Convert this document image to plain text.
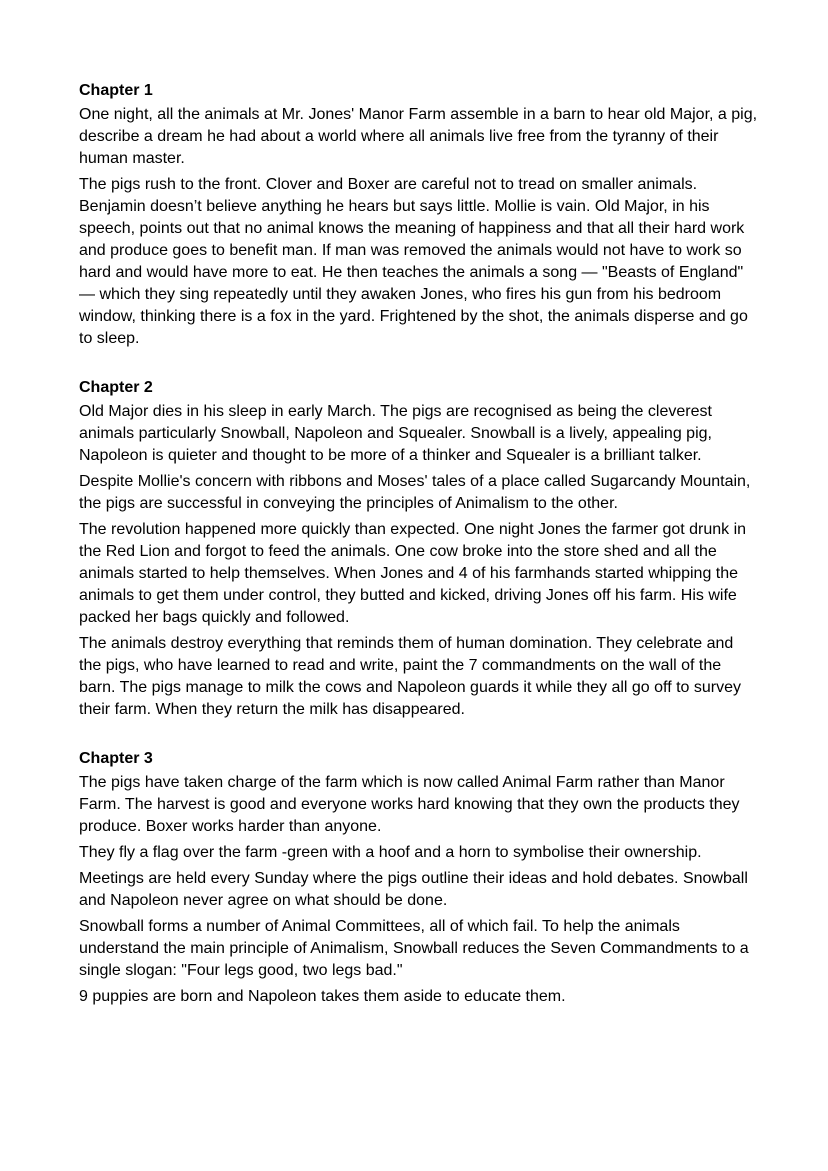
Chapter 1

One night, all the animals at Mr. Jones' Manor Farm assemble in a barn to hear old Major, a pig, describe a dream he had about a world where all animals live free from the tyranny of their human master.

The pigs rush to the front. Clover and Boxer are careful not to tread on smaller animals. Benjamin doesn’t believe anything he hears but says little. Mollie is vain. Old Major, in his speech, points out that no animal knows the meaning of happiness and that all their hard work and produce goes to benefit man. If man was removed the animals would not have to work so hard and would have more to eat. He then teaches the animals a song — "Beasts of England" — which they sing repeatedly until they awaken Jones, who fires his gun from his bedroom window, thinking there is a fox in the yard. Frightened by the shot, the animals disperse and go to sleep.

Chapter 2

Old Major dies in his sleep in early March. The pigs are recognised as being the cleverest animals particularly Snowball, Napoleon and Squealer. Snowball is a lively, appealing pig, Napoleon is quieter and thought to be more of a thinker and Squealer is a brilliant talker.

Despite Mollie's concern with ribbons and Moses' tales of a place called Sugarcandy Mountain, the pigs are successful in conveying the principles of Animalism to the other.

The revolution happened more quickly than expected. One night Jones the farmer got drunk in the Red Lion and forgot to feed the animals. One cow broke into the store shed and all the animals started to help themselves. When Jones and 4 of his farmhands started whipping the animals to get them under control, they butted and kicked, driving Jones off his farm. His wife packed her bags quickly and followed.

The animals destroy everything that reminds them of human domination. They celebrate and the pigs, who have learned to read and write, paint the 7 commandments on the wall of the barn. The pigs manage to milk the cows and Napoleon guards it while they all go off to survey their farm. When they return the milk has disappeared.

Chapter 3

The pigs have taken charge of the farm which is now called Animal Farm rather than Manor Farm. The harvest is good and everyone works hard knowing that they own the products they produce. Boxer works harder than anyone.

They fly a flag over the farm -green with a hoof and a horn to symbolise their ownership.

Meetings are held every Sunday where the pigs outline their ideas and hold debates. Snowball and Napoleon never agree on what should be done.

Snowball forms a number of Animal Committees, all of which fail. To help the animals understand the main principle of Animalism, Snowball reduces the Seven Commandments to a single slogan: "Four legs good, two legs bad."

9 puppies are born and Napoleon takes them aside to educate them.
